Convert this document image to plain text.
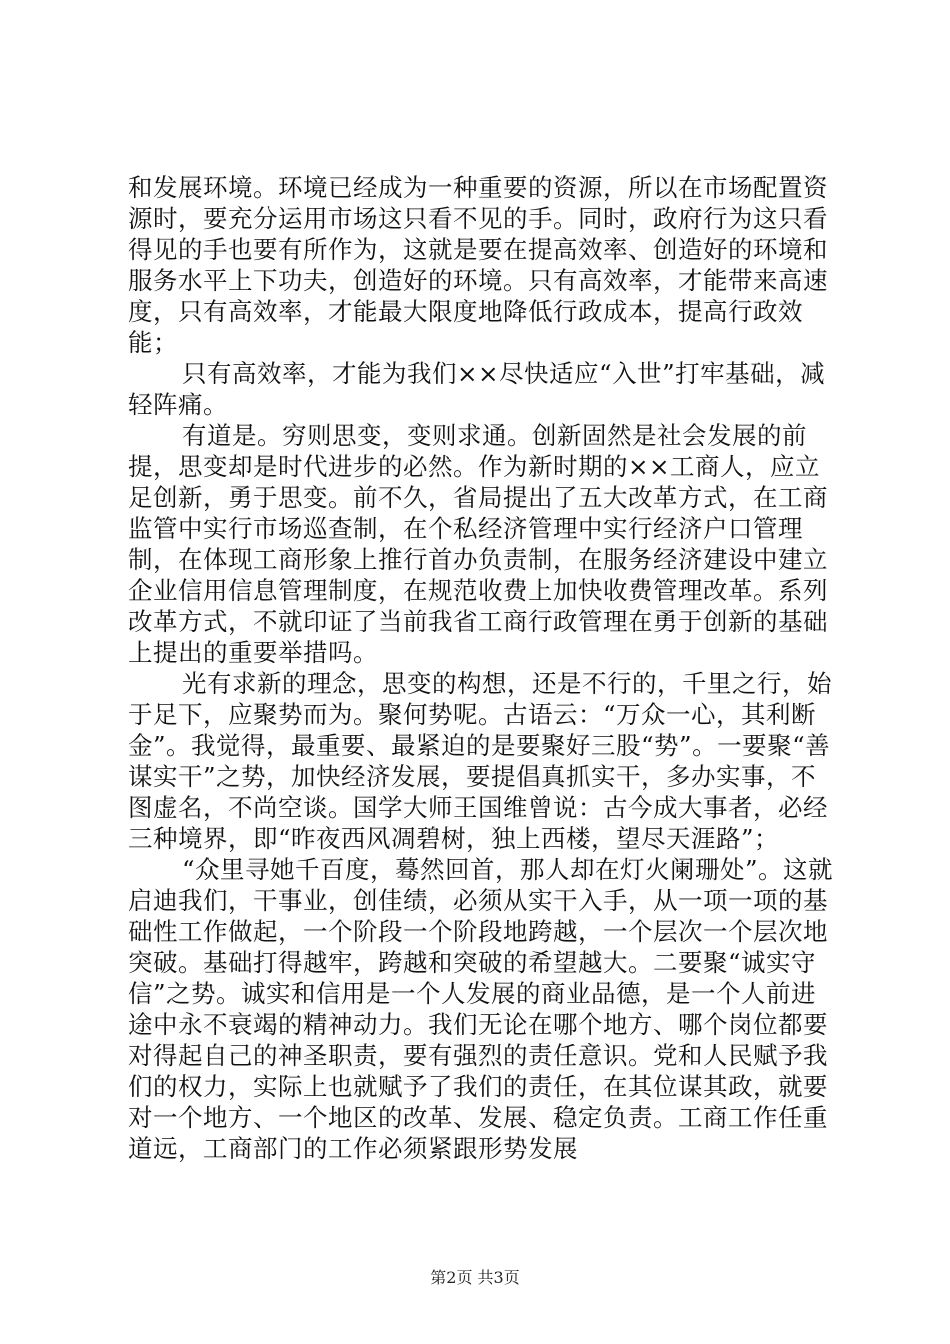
和发展环境。环境已经成为一种重要的资源，所以在市场配置资源时，要充分运用市场这只看不见的手。同时，政府行为这只看得见的手也要有所作为，这就是要在提高效率、创造好的环境和服务水平上下功夫，创造好的环境。只有高效率，才能带来高速度，只有高效率，才能最大限度地降低行政成本，提高行政效能；

只有高效率，才能为我们××尽快适应“入世”打牢基础，减轻阵痛。

有道是。穷则思变，变则求通。创新固然是社会发展的前提，思变却是时代进步的必然。作为新时期的××工商人，应立足创新，勇于思变。前不久，省局提出了五大改革方式，在工商监管中实行市场巡查制，在个私经济管理中实行经济户口管理制，在体现工商形象上推行首办负责制，在服务经济建设中建立企业信用信息管理制度，在规范收费上加快收费管理改革。系列改革方式，不就印证了当前我省工商行政管理在勇于创新的基础上提出的重要举措吗。

光有求新的理念，思变的构想，还是不行的，千里之行，始于足下，应聚势而为。聚何势呢。古语云：“万众一心，其利断金”。我觉得，最重要、最紧迫的是要聚好三股“势”。一要聚“善谋实干”之势，加快经济发展，要提倡真抓实干，多办实事，不图虚名，不尚空谈。国学大师王国维曾说：古今成大事者，必经三种境界，即“昨夜西风凋碧树，独上西楼，望尽天涯路”；

“众里寻她千百度，蓦然回首，那人却在灯火阑珊处”。这就启迪我们，干事业，创佳绩，必须从实干入手，从一项一项的基础性工作做起，一个阶段一个阶段地跨越，一个层次一个层次地突破。基础打得越牢，跨越和突破的希望越大。二要聚“诚实守信”之势。诚实和信用是一个人发展的商业品德，是一个人前进途中永不衰竭的精神动力。我们无论在哪个地方、哪个岗位都要对得起自己的神圣职责，要有强烈的责任意识。党和人民赋予我们的权力，实际上也就赋予了我们的责任，在其位谋其政，就要对一个地方、一个地区的改革、发展、稳定负责。工商工作任重道远，工商部门的工作必须紧跟形势发展

第2页 共3页
